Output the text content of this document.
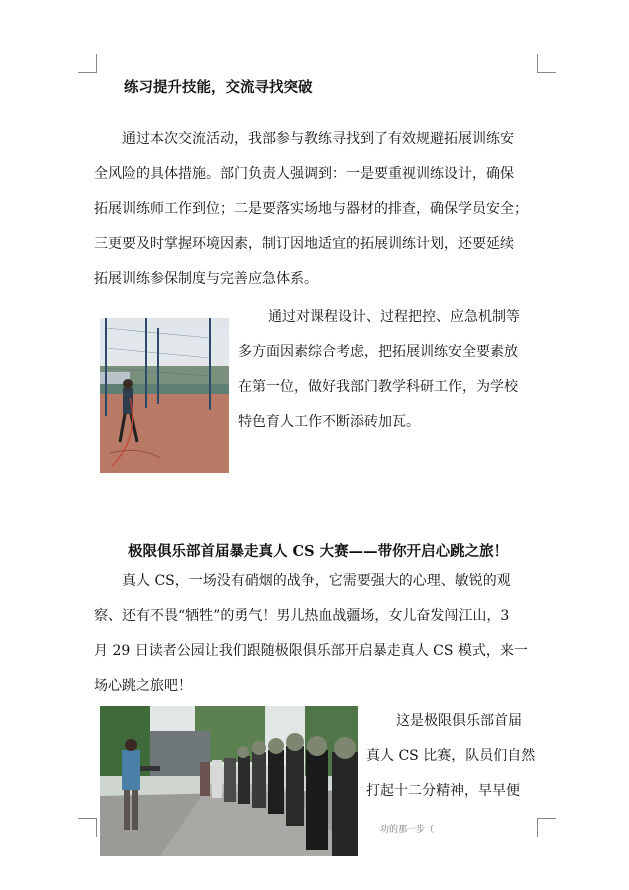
练习提升技能，交流寻找突破
通过本次交流活动，我部参与教练寻找到了有效规避拓展训练安
全风险的具体措施。部门负责人强调到：一是要重视训练设计，确保
拓展训练师工作到位；二是要落实场地与器材的排查，确保学员安全；
三更要及时掌握环境因素，制订因地适宜的拓展训练计划，还要延续
拓展训练参保制度与完善应急体系。
通过对课程设计、过程把控、应急机制等
多方面因素综合考虑，把拓展训练安全要素放
在第一位，做好我部门教学科研工作，为学校
特色育人工作不断添砖加瓦。
极限俱乐部首届暴走真人 CS 大赛——带你开启心跳之旅！
真人 CS，一场没有硝烟的战争，它需要强大的心理、敏锐的观
察、还有不畏“牺牲”的勇气！男儿热血战疆场，女儿奋发闯江山，3
月 29 日读者公园让我们跟随极限俱乐部开启暴走真人 CS 模式，来一
场心跳之旅吧！
这是极限俱乐部首届
真人 CS 比赛，队员们自然
打起十二分精神，早早便
功的那一步（
